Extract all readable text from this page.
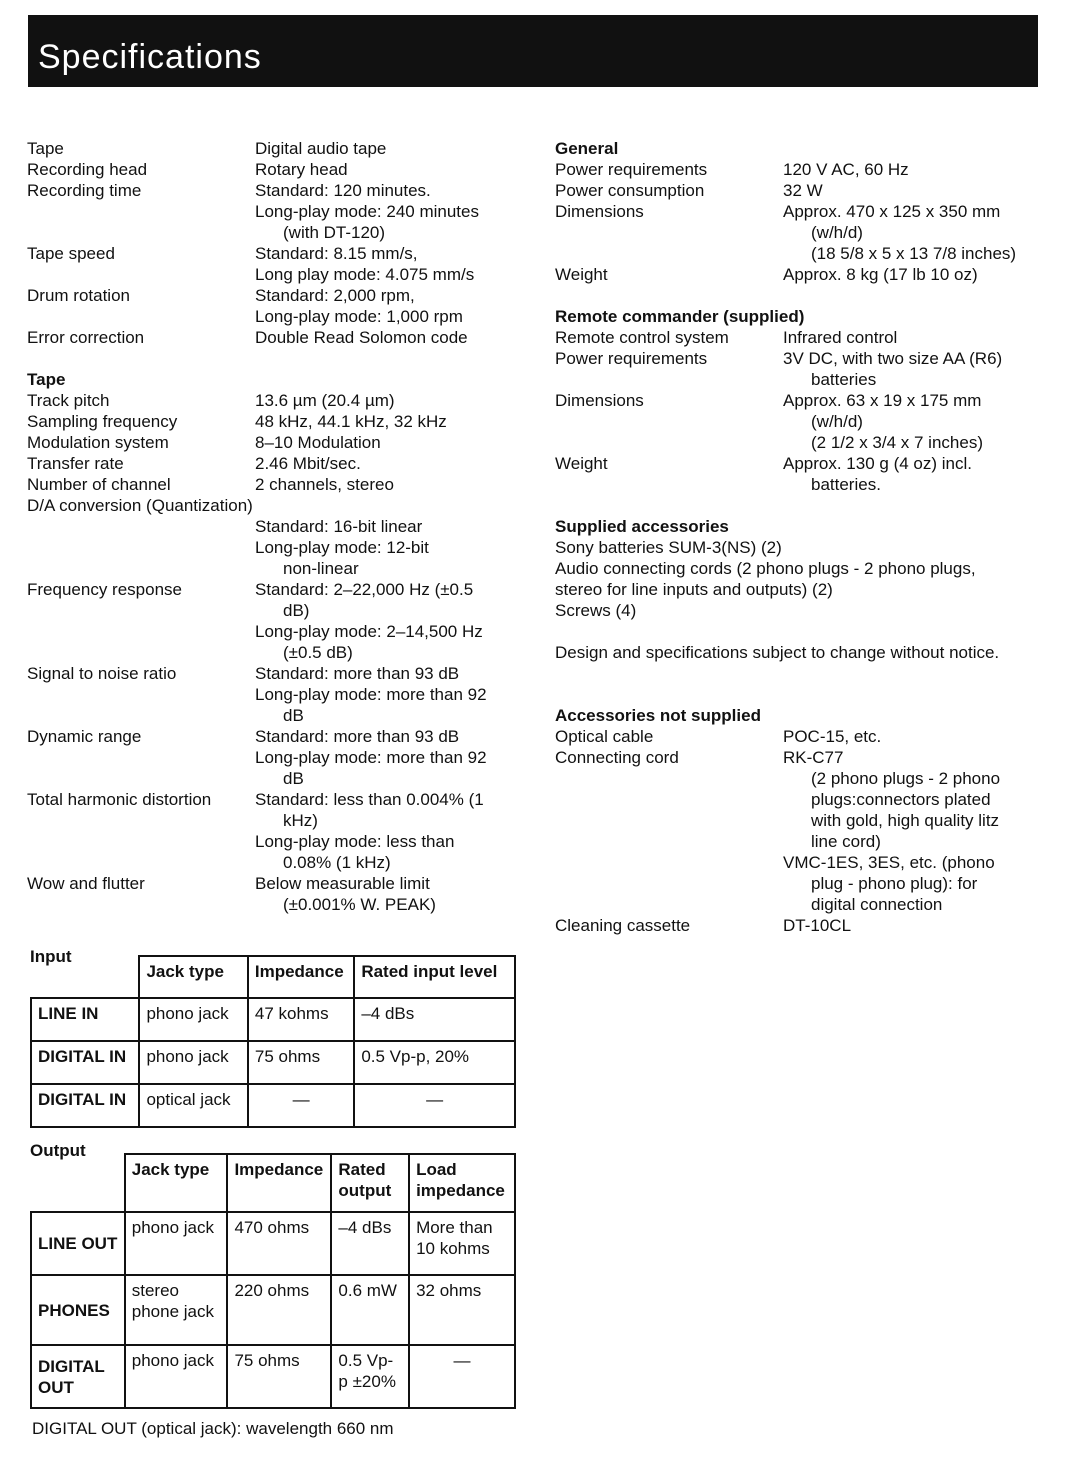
Specifications
Tape	Digital audio tape
Recording head	Rotary head
Recording time	Standard: 120 minutes.
Long-play mode: 240 minutes
(with DT-120)
Tape speed	Standard: 8.15 mm/s,
Long play mode: 4.075 mm/s
Drum rotation	Standard: 2,000 rpm,
Long-play mode: 1,000 rpm
Error correction	Double Read Solomon code
Tape
Track pitch	13.6 µm (20.4 µm)
Sampling frequency	48 kHz, 44.1 kHz, 32 kHz
Modulation system	8–10 Modulation
Transfer rate	2.46 Mbit/sec.
Number of channel	2 channels, stereo
D/A conversion (Quantization)
Standard: 16-bit linear
Long-play mode: 12-bit
non-linear
Frequency response	Standard: 2–22,000 Hz (±0.5
dB)
Long-play mode: 2–14,500 Hz
(±0.5 dB)
Signal to noise ratio	Standard: more than 93 dB
Long-play mode: more than 92
dB
Dynamic range	Standard: more than 93 dB
Long-play mode: more than 92
dB
Total harmonic distortion	Standard: less than 0.004% (1
kHz)
Long-play mode: less than
0.08% (1 kHz)
Wow and flutter	Below measurable limit
(±0.001% W. PEAK)
Input
	Jack type	Impedance	Rated input level
LINE IN	phono jack	47 kohms	–4 dBs
DIGITAL IN	phono jack	75 ohms	0.5 Vp-p, 20%
DIGITAL IN	optical jack	—	—
Output
	Jack type	Impedance	Rated output	Load impedance
LINE OUT	phono jack	470 ohms	–4 dBs	More than 10 kohms
PHONES	stereo phone jack	220 ohms	0.6 mW	32 ohms
DIGITAL OUT	phono jack	75 ohms	0.5 Vp-p ±20%	—
DIGITAL OUT (optical jack): wavelength 660 nm
General
Power requirements	120 V AC, 60 Hz
Power consumption	32 W
Dimensions	Approx. 470 x 125 x 350 mm
(w/h/d)
(18 5/8 x 5 x 13 7/8 inches)
Weight	Approx. 8 kg (17 lb 10 oz)
Remote commander (supplied)
Remote control system	Infrared control
Power requirements	3V DC, with two size AA (R6)
batteries
Dimensions	Approx. 63 x 19 x 175 mm
(w/h/d)
(2 1/2 x 3/4 x 7 inches)
Weight	Approx. 130 g (4 oz) incl.
batteries.
Supplied accessories
Sony batteries SUM-3(NS) (2)
Audio connecting cords (2 phono plugs - 2 phono plugs,
stereo for line inputs and outputs) (2)
Screws (4)
Design and specifications subject to change without notice.
Accessories not supplied
Optical cable	POC-15, etc.
Connecting cord	RK-C77
(2 phono plugs - 2 phono
plugs:connectors plated
with gold, high quality litz
line cord)
VMC-1ES, 3ES, etc. (phono
plug - phono plug): for
digital connection
Cleaning cassette	DT-10CL
